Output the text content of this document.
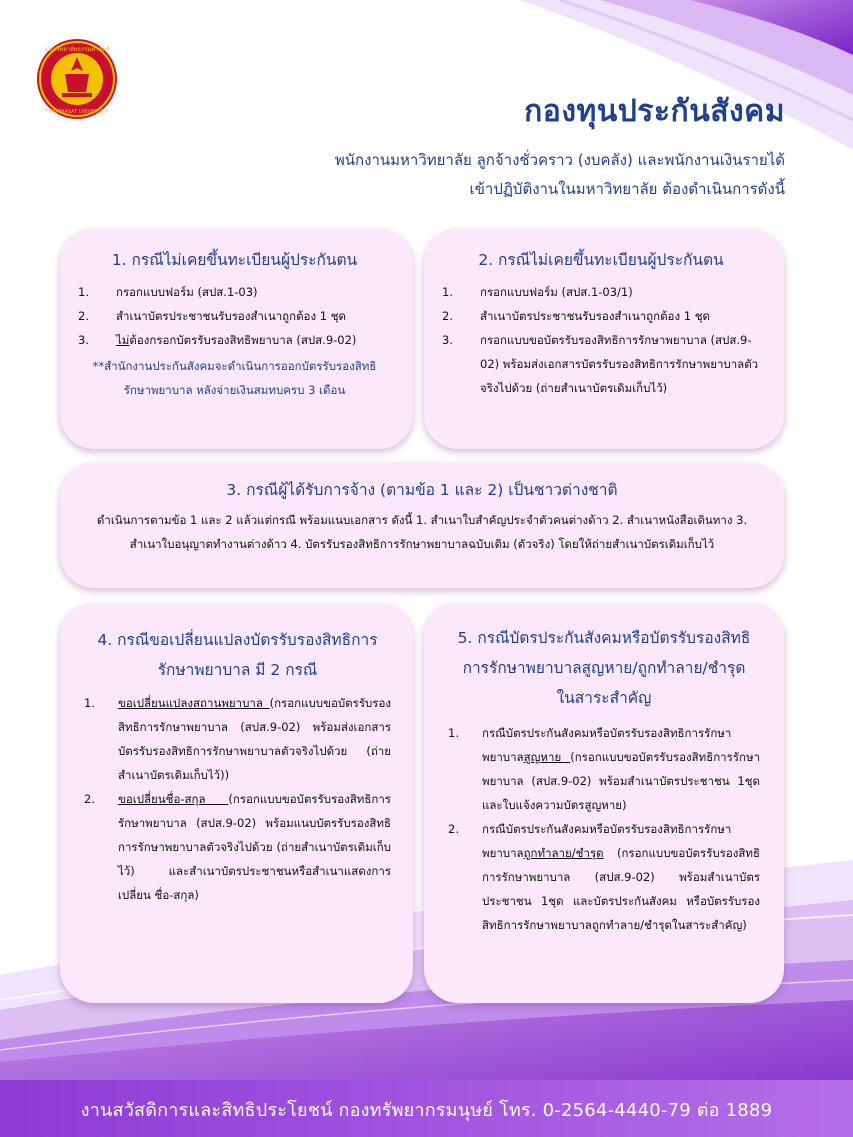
มหาวิทยาลัยธรรมศาสตร์
THAMMASAT UNIVERSITY	กองทุนประกันสังคม
พนักงานมหาวิทยาลัย ลูกจ้างชั่วคราว (งบคลัง) และพนักงานเงินรายได้
เข้าปฏิบัติงานในมหาวิทยาลัย ต้องดำเนินการดังนี้
1. กรณีไม่เคยขึ้นทะเบียนผู้ประกันตน
1. กรอกแบบฟอร์ม (สปส.1-03)
2. สำเนาบัตรประชาชนรับรองสำเนาถูกต้อง 1 ชุด
3. ไม่ต้องกรอกบัตรรับรองสิทธิพยาบาล (สปส.9-02)
**สำนักงานประกันสังคมจะดำเนินการออกบัตรรับรองสิทธิรักษาพยาบาล หลังจ่ายเงินสมทบครบ 3 เดือน
2. กรณีไม่เคยขึ้นทะเบียนผู้ประกันตน
1. กรอกแบบฟอร์ม (สปส.1-03/1)
2. สำเนาบัตรประชาชนรับรองสำเนาถูกต้อง 1 ชุด
3. กรอกแบบขอบัตรรับรองสิทธิการรักษาพยาบาล (สปส.9-02) พร้อมส่งเอกสารบัตรรับรองสิทธิการรักษาพยาบาลตัวจริงไปด้วย (ถ่ายสำเนาบัตรเดิมเก็บไว้)
3. กรณีผู้ได้รับการจ้าง (ตามข้อ 1 และ 2) เป็นชาวต่างชาติ
ดำเนินการตามข้อ 1 และ 2 แล้วแต่กรณี พร้อมแนบเอกสาร ดังนี้ 1. สำเนาใบสำคัญประจำตัวคนต่างด้าว 2. สำเนาหนังสือเดินทาง 3. สำเนาใบอนุญาตทำงานต่างด้าว 4. บัตรรับรองสิทธิการรักษาพยาบาลฉบับเดิม (ตัวจริง) โดยให้ถ่ายสำเนาบัตรเดิมเก็บไว้
4. กรณีขอเปลี่ยนแปลงบัตรรับรองสิทธิการรักษาพยาบาล มี 2 กรณี
1. ขอเปลี่ยนแปลงสถานพยาบาล (กรอกแบบขอบัตรรับรองสิทธิการรักษาพยาบาล (สปส.9-02) พร้อมส่งเอกสารบัตรรับรองสิทธิการรักษาพยาบาลตัวจริงไปด้วย (ถ่ายสำเนาบัตรเดิมเก็บไว้))
2. ขอเปลี่ยนชื่อ-สกุล (กรอกแบบขอบัตรรับรองสิทธิการรักษาพยาบาล (สปส.9-02) พร้อมแนบบัตรรับรองสิทธิการรักษาพยาบาลตัวจริงไปด้วย (ถ่ายสำเนาบัตรเดิมเก็บไว้) และสำเนาบัตรประชาชนหรือสำเนาแสดงการเปลี่ยน ชื่อ-สกุล)
5. กรณีบัตรประกันสังคมหรือบัตรรับรองสิทธิการรักษาพยาบาลสูญหาย/ถูกทำลาย/ชำรุดในสาระสำคัญ
1. กรณีบัตรประกันสังคมหรือบัตรรับรองสิทธิการรักษาพยาบาลสูญหาย (กรอกแบบขอบัตรรับรองสิทธิการรักษาพยาบาล (สปส.9-02) พร้อมสำเนาบัตรประชาชน 1ชุด และใบแจ้งความบัตรสูญหาย)
2. กรณีบัตรประกันสังคมหรือบัตรรับรองสิทธิการรักษาพยาบาลถูกทำลาย/ชำรุด (กรอกแบบขอบัตรรับรองสิทธิการรักษาพยาบาล (สปส.9-02) พร้อมสำเนาบัตรประชาชน 1ชุด และบัตรประกันสังคม หรือบัตรรับรองสิทธิการรักษาพยาบาลถูกทำลาย/ชำรุดในสาระสำคัญ)
งานสวัสดิการและสิทธิประโยชน์ กองทรัพยากรมนุษย์ โทร. 0-2564-4440-79 ต่อ 1889
